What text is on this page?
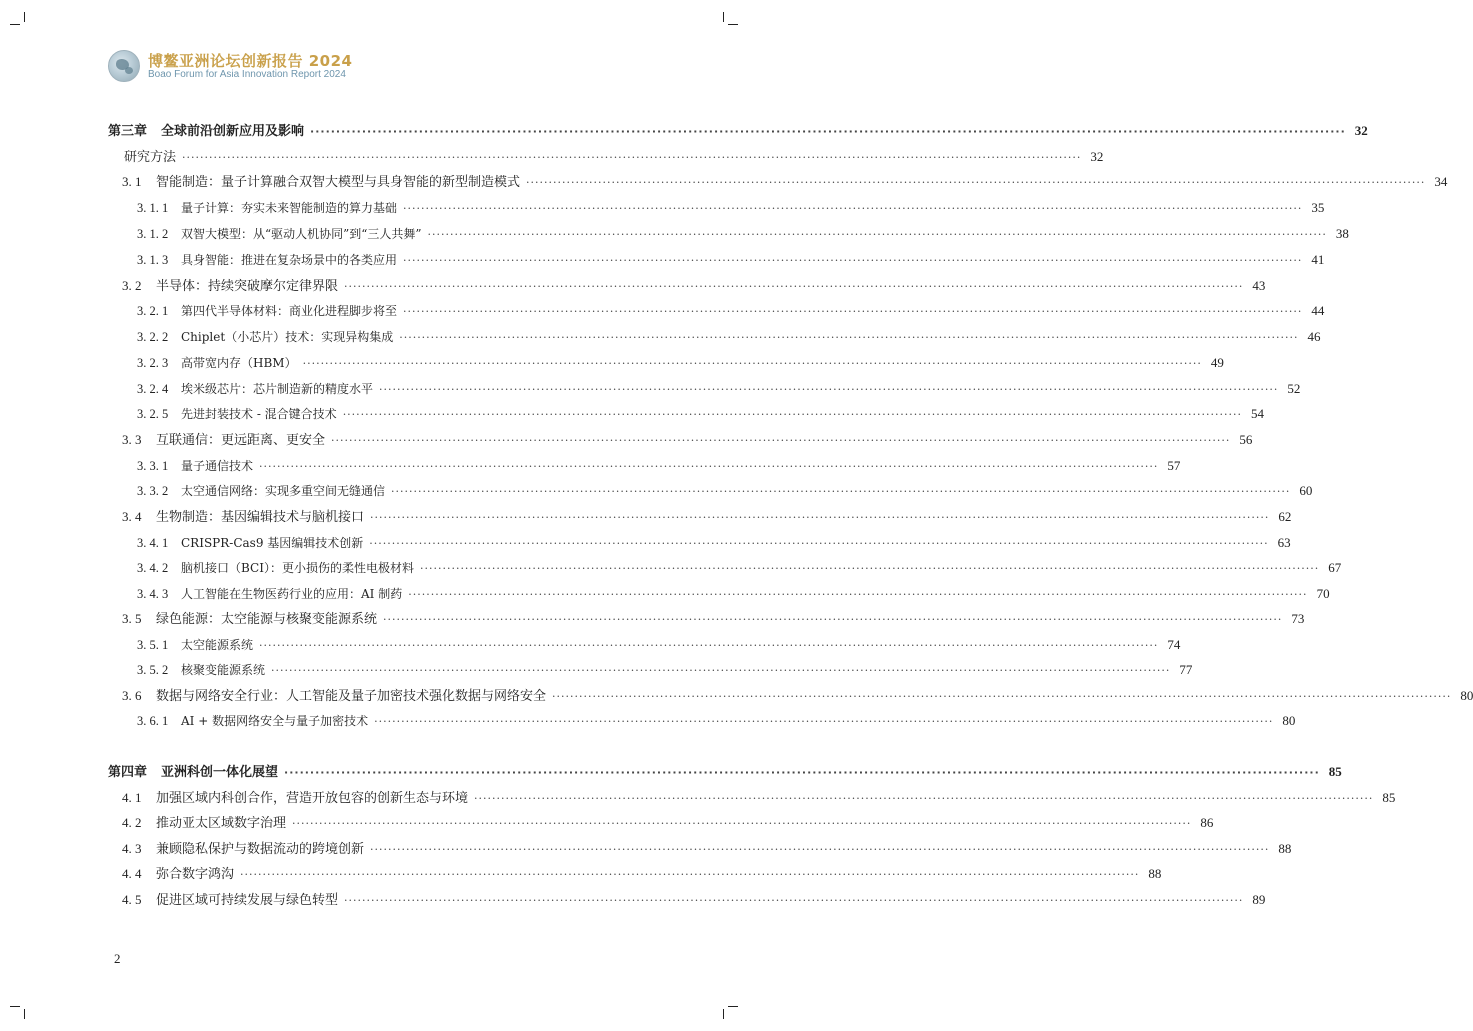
博鳌亚洲论坛创新报告 2024
Boao Forum for Asia Innovation Report 2024
第三章 全球前沿创新应用及影响 ········································································································································································································ 32
研究方法 ········································································································································································································ 32
3. 1	智能制造：量子计算融合双智大模型与具身智能的新型制造模式 ········································································································································································································ 34
3. 1. 1	量子计算：夯实未来智能制造的算力基础 ········································································································································································································ 35
3. 1. 2	双智大模型：从“驱动人机协同”到“三人共舞” ········································································································································································································ 38
3. 1. 3	具身智能：推进在复杂场景中的各类应用 ········································································································································································································ 41
3. 2	半导体：持续突破摩尔定律界限 ········································································································································································································ 43
3. 2. 1	第四代半导体材料：商业化进程脚步将至 ········································································································································································································ 44
3. 2. 2	Chiplet（小芯片）技术：实现异构集成 ········································································································································································································ 46
3. 2. 3	高带宽内存（HBM） ········································································································································································································ 49
3. 2. 4	埃米级芯片：芯片制造新的精度水平 ········································································································································································································ 52
3. 2. 5	先进封装技术 - 混合键合技术 ········································································································································································································ 54
3. 3	互联通信：更远距离、更安全 ········································································································································································································ 56
3. 3. 1	量子通信技术 ········································································································································································································ 57
3. 3. 2	太空通信网络：实现多重空间无缝通信 ········································································································································································································ 60
3. 4	生物制造：基因编辑技术与脑机接口 ········································································································································································································ 62
3. 4. 1	CRISPR-Cas9 基因编辑技术创新 ········································································································································································································ 63
3. 4. 2	脑机接口（BCI）：更小损伤的柔性电极材料 ········································································································································································································ 67
3. 4. 3	人工智能在生物医药行业的应用：AI 制药 ········································································································································································································ 70
3. 5	绿色能源：太空能源与核聚变能源系统 ········································································································································································································ 73
3. 5. 1	太空能源系统 ········································································································································································································ 74
3. 5. 2	核聚变能源系统 ········································································································································································································ 77
3. 6	数据与网络安全行业：人工智能及量子加密技术强化数据与网络安全 ········································································································································································································ 80
3. 6. 1	AI + 数据网络安全与量子加密技术 ········································································································································································································ 80
第四章 亚洲科创一体化展望 ········································································································································································································ 85
4. 1	加强区域内科创合作，营造开放包容的创新生态与环境 ········································································································································································································ 85
4. 2	推动亚太区域数字治理 ········································································································································································································ 86
4. 3	兼顾隐私保护与数据流动的跨境创新 ········································································································································································································ 88
4. 4	弥合数字鸿沟 ········································································································································································································ 88
4. 5	促进区域可持续发展与绿色转型 ········································································································································································································ 89
2
